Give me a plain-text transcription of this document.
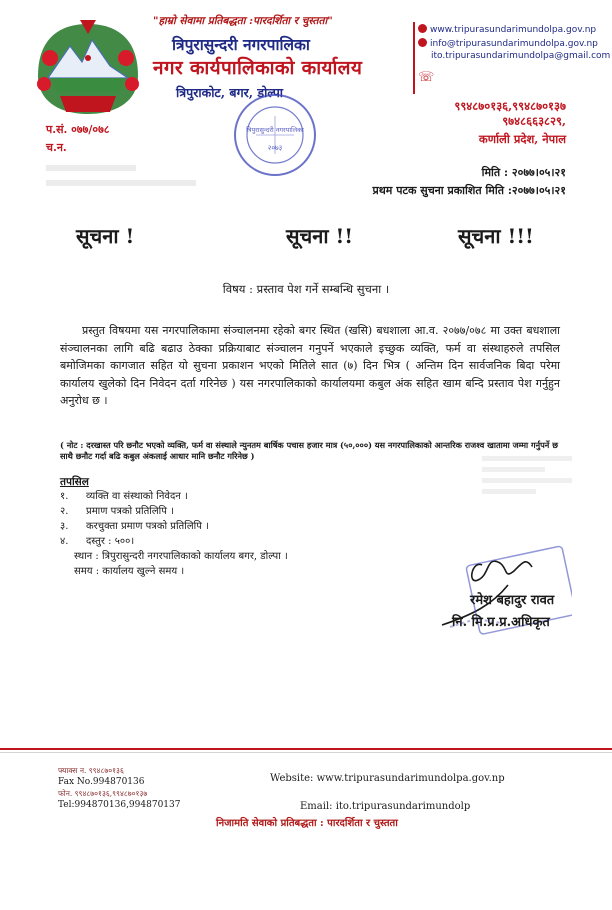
"हाम्रो सेवामा प्रतिबद्धता :पारदर्शिता र चुस्तता"
त्रिपुरासुन्दरी नगरपालिका
नगर कार्यपालिकाको कार्यालय
त्रिपुराकोट, बगर, डोल्पा
www.tripurasundarimundolpa.gov.np
info@tripurasundarimundolpa.gov.np
ito.tripurasundarimundolpa@gmail.com
☏
९९४८७०१३६,९९४८७०१३७
९७४८६६३८२९,
कर्णाली प्रदेश, नेपाल
प.सं. ०७७/०७८
च.न.
त्रिपुरासुन्दरी नगरपालिका
२०७३
मिति : २०७७।०५।२१
प्रथम पटक सुचना प्रकाशित मिति :२०७७।०५।२१
सूचना !	सूचना !!	सूचना !!!
विषय : प्रस्ताव पेश गर्ने सम्बन्धि सुचना ।
प्रस्तुत विषयमा यस नगरपालिकामा संञ्चालनमा रहेको बगर स्थित (खसि) बधशाला आ.व. २०७७/०७८ मा उक्त बधशाला संञ्चालनका लागि बढि बढाउ ठेक्का प्रक्रियाबाट संञ्चालन गनुपर्ने भएकाले इच्छुक व्यक्ति, फर्म वा संस्थाहरुले तपसिल बमोजिमका कागजात सहित यो सुचना प्रकाशन भएको मितिले सात (७) दिन भित्र ( अन्तिम दिन सार्वजनिक बिदा परेमा कार्यालय खुलेको दिन निवेदन दर्ता गरिनेछ ) यस नगरपालिकाको कार्यालयमा कबुल अंक सहित खाम बन्दि प्रस्ताव पेश गर्नुहुन अनुरोध छ ।
( नोट : दरखास्त परि छनौट भएको व्यक्ति, फर्म वा संस्थाले न्युनतम बार्षिक पचास हजार मात्र (५०,०००) यस नगरपालिकाको आन्तरिक राजश्व खातामा जम्मा गर्नुपर्ने छ साथै छनौट गर्दा बढि कबुल अंकलाई आधार मानि छनौट गरिनेछ )
तपसिल
१. व्यक्ति वा संस्थाको निवेदन ।
२. प्रमाण पत्रको प्रतिलिपि ।
३. करचुक्ता प्रमाण पत्रको प्रतिलिपि ।
४. दस्तुर : ५००।
स्थान : त्रिपुरासुन्दरी नगरपालिकाको कार्यालय बगर, डोल्पा ।
समय : कार्यालय खुल्ने समय ।
रमेश बहादुर रावत
नि. मि.प्र.प्र.अधिकृत
फ्याक्स न. ९९४८७०१३६
Fax No.994870136
फोन. ९९४८७०१३६,९९४८७०१३७
Tel:994870136,994870137
Website: www.tripurasundarimundolpa.gov.np
Email: ito.tripurasundarimundolp
निजामति सेवाको प्रतिबद्धता : पारदर्शिता र चुस्तता
